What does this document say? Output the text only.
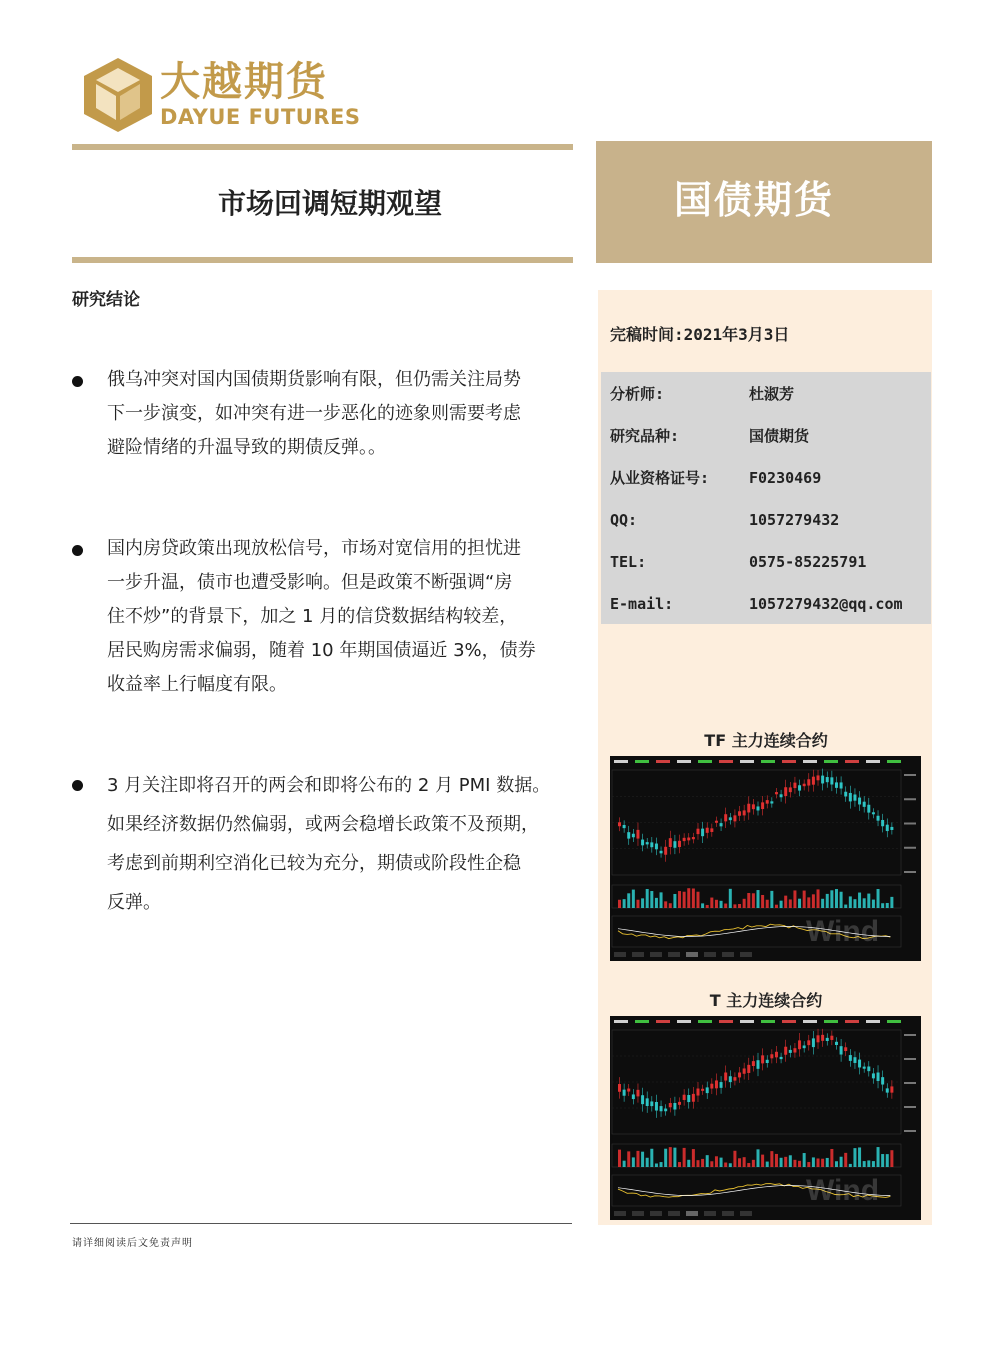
大越期货
DAYUE FUTURES
市场回调短期观望	国债期货
研究结论
俄乌冲突对国内国债期货影响有限，但仍需关注局势
下一步演变，如冲突有进一步恶化的迹象则需要考虑
避险情绪的升温导致的期债反弹。。
国内房贷政策出现放松信号，市场对宽信用的担忧进
一步升温，债市也遭受影响。但是政策不断强调“房
住不炒”的背景下，加之 1 月的信贷数据结构较差，
居民购房需求偏弱，随着 10 年期国债逼近 3%，债券
收益率上行幅度有限。
3 月关注即将召开的两会和即将公布的 2 月 PMI 数据。
如果经济数据仍然偏弱，或两会稳增长政策不及预期，
考虑到前期利空消化已较为充分，期债或阶段性企稳
反弹。
完稿时间:2021年3月3日
分析师:	杜淑芳
研究品种:	国债期货
从业资格证号:	F0230469
QQ:	1057279432
TEL:	0575-85225791
E-mail:	1057279432@qq.com
TF 主力连续合约
Wind
T 主力连续合约
Wind
请详细阅读后文免责声明
